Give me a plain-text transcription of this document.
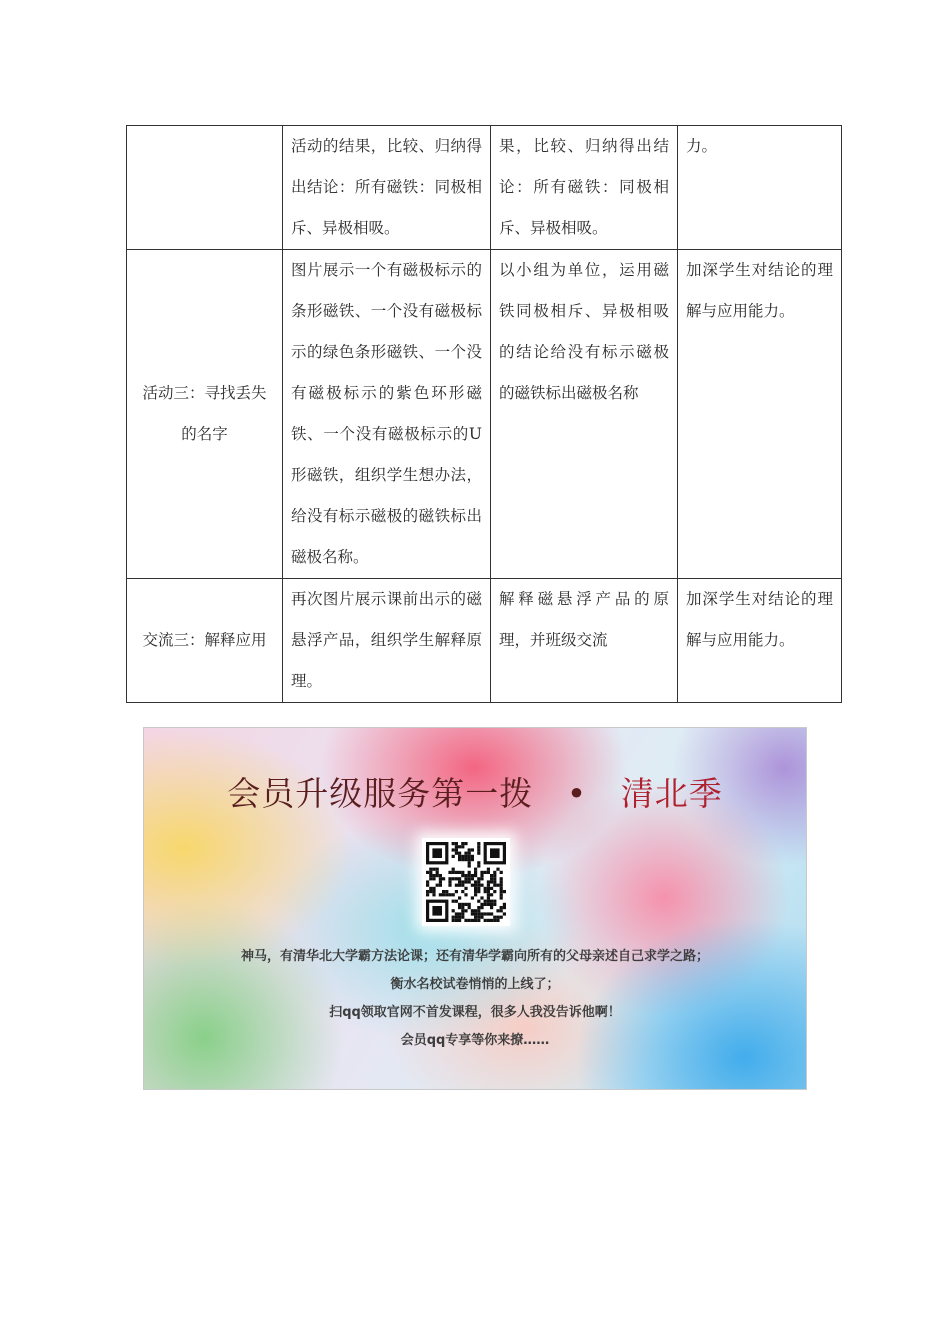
	活动的结果，比较、归纳得出结论：所有磁铁：同极相斥、异极相吸。	果，比较、归纳得出结论：所有磁铁：同极相斥、异极相吸。	力。
活动三：寻找丢失的名字	图片展示一个有磁极标示的条形磁铁、一个没有磁极标示的绿色条形磁铁、一个没有磁极标示的紫色环形磁铁、一个没有磁极标示的U形磁铁，组织学生想办法，给没有标示磁极的磁铁标出磁极名称。	以小组为单位，运用磁铁同极相斥、异极相吸的结论给没有标示磁极的磁铁标出磁极名称	加深学生对结论的理解与应用能力。
交流三：解释应用	再次图片展示课前出示的磁悬浮产品，组织学生解释原理。	解释磁悬浮产品的原理，并班级交流	加深学生对结论的理解与应用能力。
会员升级服务第一拨 • 清北季
神马，有清华北大学霸方法论课；还有清华学霸向所有的父母亲述自己求学之路；
衡水名校试卷悄悄的上线了；
扫qq领取官网不首发课程，很多人我没告诉他啊！
会员qq专享等你来撩……
